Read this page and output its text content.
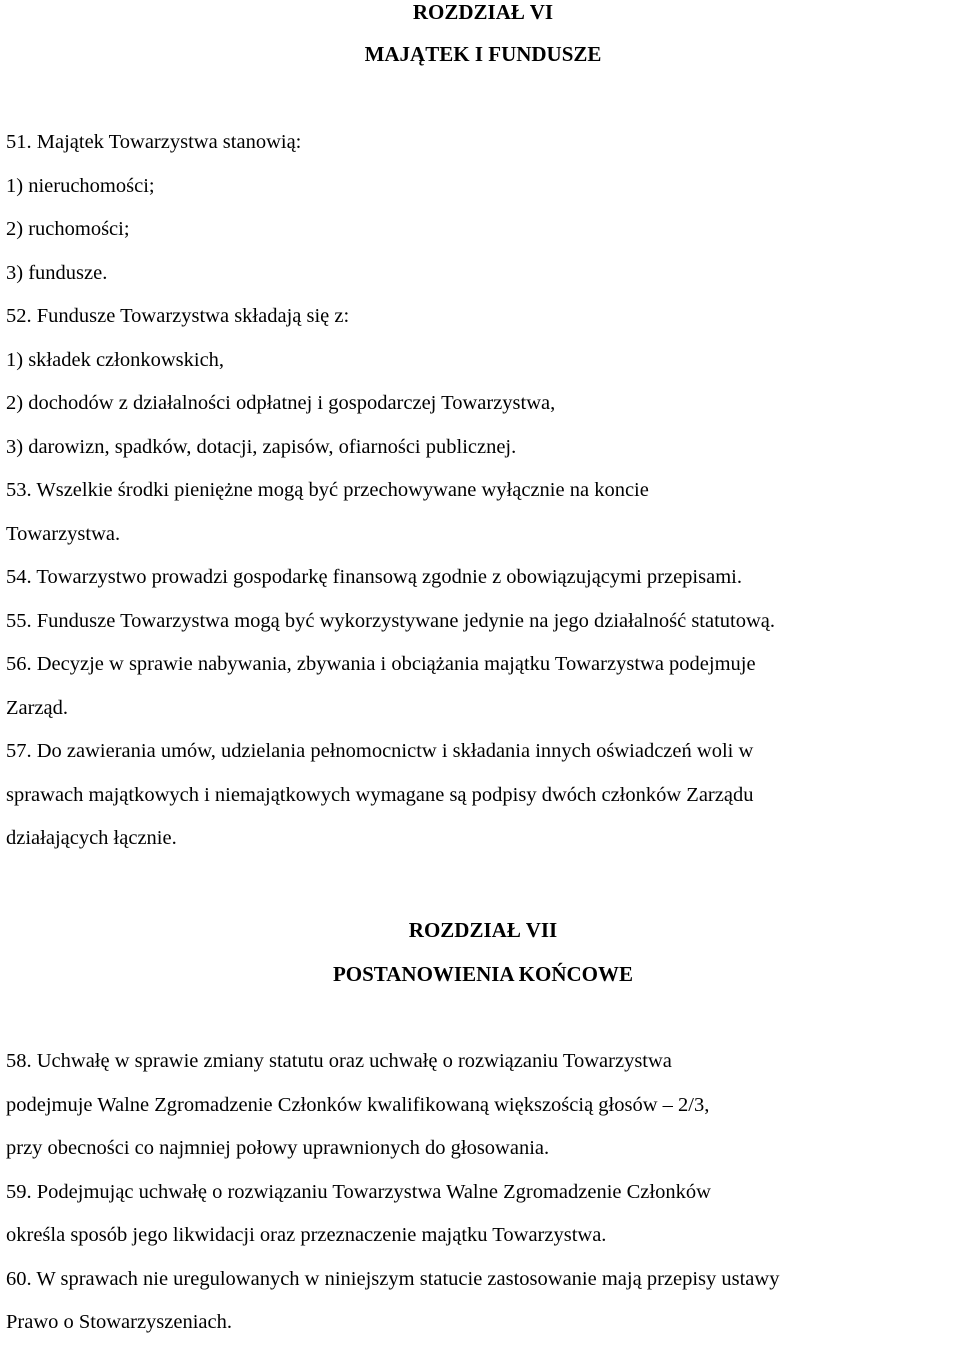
ROZDZIAŁ VI
MAJĄTEK I FUNDUSZE
51. Majątek Towarzystwa stanowią:
1) nieruchomości;
2) ruchomości;
3) fundusze.
52. Fundusze Towarzystwa składają się z:
1) składek członkowskich,
2) dochodów z działalności odpłatnej i gospodarczej Towarzystwa,
3) darowizn, spadków, dotacji, zapisów, ofiarności publicznej.
53. Wszelkie środki pieniężne mogą być przechowywane wyłącznie na koncie
Towarzystwa.
54. Towarzystwo prowadzi gospodarkę finansową zgodnie z obowiązującymi przepisami.
55. Fundusze Towarzystwa mogą być wykorzystywane jedynie na jego działalność statutową.
56. Decyzje w sprawie nabywania, zbywania i obciążania majątku Towarzystwa podejmuje
Zarząd.
57. Do zawierania umów, udzielania pełnomocnictw i składania innych oświadczeń woli w
sprawach majątkowych i niemajątkowych wymagane są podpisy dwóch członków Zarządu
działających łącznie.
ROZDZIAŁ VII
POSTANOWIENIA KOŃCOWE
58. Uchwałę w sprawie zmiany statutu oraz uchwałę o rozwiązaniu Towarzystwa
podejmuje Walne Zgromadzenie Członków kwalifikowaną większością głosów – 2/3,
przy obecności co najmniej połowy uprawnionych do głosowania.
59. Podejmując uchwałę o rozwiązaniu Towarzystwa Walne Zgromadzenie Członków
określa sposób jego likwidacji oraz przeznaczenie majątku Towarzystwa.
60. W sprawach nie uregulowanych w niniejszym statucie zastosowanie mają przepisy ustawy
Prawo o Stowarzyszeniach.
